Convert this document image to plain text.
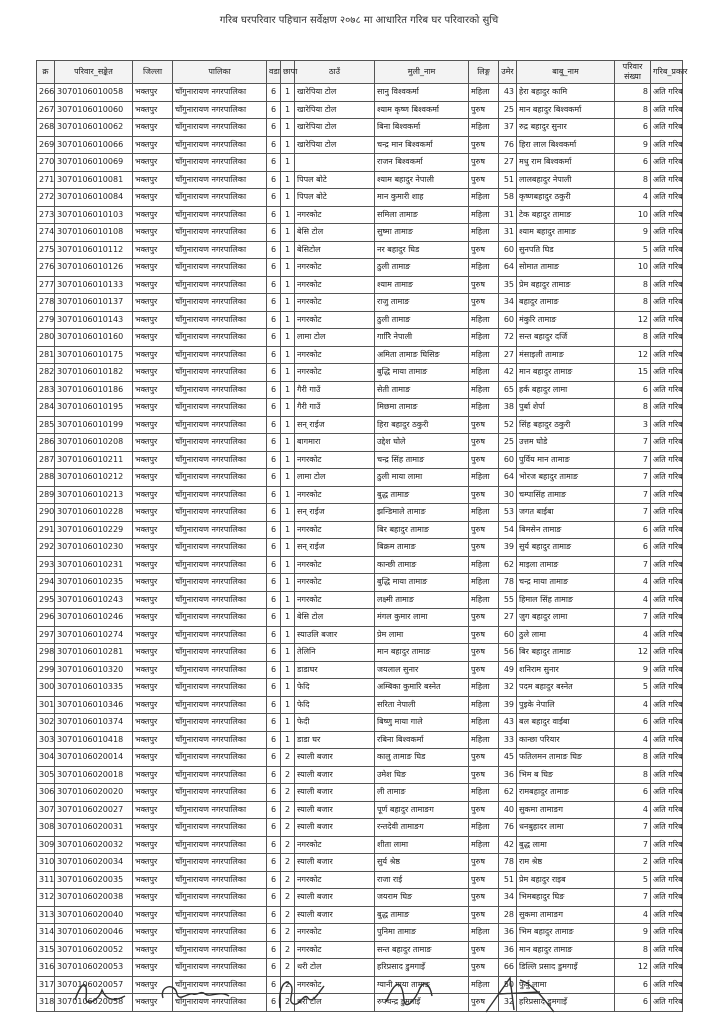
गरिब घरपरिवार पहिचान सर्वेक्षण २०७८ मा आधारित गरिब घर परिवारको सुचि
क्र	परिवार_सङ्केत	जिल्ला	पालिका	वडा	छापा	ठाउँ	मुली_नाम	लिङ्ग	उमेर	बाबु_नाम	परिवार संख्या	गरिब_प्रकार
266	3070106010058	भक्तपुर	चाँगुनारायण नगरपालिका	6	1	खारेपिया टोल	सानु विश्वकर्मा	महिला	43	हेरा बहादुर कामि	8	अति गरिब
267	3070106010060	भक्तपुर	चाँगुनारायण नगरपालिका	6	1	खारेपिया टोल	श्याम कृष्ण बिश्वकर्मा	पुरुष	25	मान बहादुर बिश्वकर्मा	8	अति गरिब
268	3070106010062	भक्तपुर	चाँगुनारायण नगरपालिका	6	1	खारेपिया टोल	बिना बिश्वकर्मा	महिला	37	रुद्र बहादुर सुनार	6	अति गरिब
269	3070106010066	भक्तपुर	चाँगुनारायण नगरपालिका	6	1	खारेपिया टोल	चन्द्र मान बिश्वकर्मा	पुरुष	76	हिरा लाल बिश्वकर्मा	9	अति गरिब
270	3070106010069	भक्तपुर	चाँगुनारायण नगरपालिका	6	1		राजन बिश्वकर्मा	पुरुष	27	मधु राम बिश्वकर्मा	6	अति गरिब
271	3070106010081	भक्तपुर	चाँगुनारायण नगरपालिका	6	1	पिपल बोटे	श्याम बहादुर नेपाली	पुरुष	51	लालबहादुर नेपाली	8	अति गरिब
272	3070106010084	भक्तपुर	चाँगुनारायण नगरपालिका	6	1	पिपल बोटे	मान कुमारी शाह	महिला	58	कृष्णबहादुर ठकुरी	4	अति गरिब
273	3070106010103	भक्तपुर	चाँगुनारायण नगरपालिका	6	1	नगरकोट	समिला तामाङ	महिला	31	टेक बहादुर तामाङ	10	अति गरिब
274	3070106010108	भक्तपुर	चाँगुनारायण नगरपालिका	6	1	बेसि टोल	सुष्मा तामाङ	महिला	31	श्याम बहादुर तामाङ	9	अति गरिब
275	3070106010112	भक्तपुर	चाँगुनारायण नगरपालिका	6	1	बेसिटोल	नर बहादुर घिड	पुरुष	60	सुनपति घिड	5	अति गरिब
276	3070106010126	भक्तपुर	चाँगुनारायण नगरपालिका	6	1	नगरकोट	ठुली तामाङ	महिला	64	सोमात तामाङ	10	अति गरिब
277	3070106010133	भक्तपुर	चाँगुनारायण नगरपालिका	6	1	नगरकोट	श्याम तामाङ	पुरुष	35	प्रेम बहादुर तामाङ	8	अति गरिब
278	3070106010137	भक्तपुर	चाँगुनारायण नगरपालिका	6	1	नगरकोट	राजु तामाङ	पुरुष	34	बहादुर तामाङ	8	अति गरिब
279	3070106010143	भक्तपुर	चाँगुनारायण नगरपालिका	6	1	नगरकोट	ठुली तामाङ	महिला	60	मंकुरि तामाङ	12	अति गरिब
280	3070106010160	भक्तपुर	चाँगुनारायण नगरपालिका	6	1	लामा टोल	गारिि नेपाली	महिला	72	सन्त बहादुर दर्जि	8	अति गरिब
281	3070106010175	भक्तपुर	चाँगुनारायण नगरपालिका	6	1	नगरकोट	अमिता तामाङ घिसिङ	महिला	27	मंसाइली तामाङ	12	अति गरिब
282	3070106010182	भक्तपुर	चाँगुनारायण नगरपालिका	6	1	नगरकोट	बुद्धि माया तामाङ	महिला	42	मान बहादुर तामाङ	15	अति गरिब
283	3070106010186	भक्तपुर	चाँगुनारायण नगरपालिका	6	1	गैरी गाउँ	सेती तामाङ	महिला	65	हर्क बहादुर लामा	6	अति गरिब
284	3070106010195	भक्तपुर	चाँगुनारायण नगरपालिका	6	1	गैरी गाउँ	मिछमा तामाङ	महिला	38	पुर्बा शेर्पा	8	अति गरिब
285	3070106010199	भक्तपुर	चाँगुनारायण नगरपालिका	6	1	सन् राईज	हिरा बहादुर ठकुरी	पुरुष	52	सिंह बहादुर ठकुरी	3	अति गरिब
286	3070106010208	भक्तपुर	चाँगुनारायण नगरपालिका	6	1	बागमारा	उद्देश घोले	पुरुष	25	उत्तम घोडे	7	अति गरिब
287	3070106010211	भक्तपुर	चाँगुनारायण नगरपालिका	6	1	नगरकोट	चन्द्र सिंह तामाङ	पुरुष	60	पुर्विय मान तामाङ	7	अति गरिब
288	3070106010212	भक्तपुर	चाँगुनारायण नगरपालिका	6	1	लामा टोल	ठुली माया लामा	महिला	64	भोरज बहादुर तामाङ	7	अति गरिब
289	3070106010213	भक्तपुर	चाँगुनारायण नगरपालिका	6	1	नगरकोट	बुद्ध तामाङ	पुरुष	30	चम्पासिंह तामाङ	7	अति गरिब
290	3070106010228	भक्तपुर	चाँगुनारायण नगरपालिका	6	1	सन् राईज	झन्डिमाले तामाङ	महिला	53	जगत बाईबा	7	अति गरिब
291	3070106010229	भक्तपुर	चाँगुनारायण नगरपालिका	6	1	नगरकोट	बिर बहादुर तामाङ	पुरुष	54	बिमसेन तामाङ	6	अति गरिब
292	3070106010230	भक्तपुर	चाँगुनारायण नगरपालिका	6	1	सन् राईज	बिक्रम तामाङ	पुरुष	39	सुर्य बहादुर तामाङ	6	अति गरिब
293	3070106010231	भक्तपुर	चाँगुनारायण नगरपालिका	6	1	नगरकोट	कान्छी तामाङ	महिला	62	माइला तामाङ	7	अति गरिब
294	3070106010235	भक्तपुर	चाँगुनारायण नगरपालिका	6	1	नगरकोट	बुद्धि माया तामाङ	महिला	78	चन्द्र माया तामाङ	4	अति गरिब
295	3070106010243	भक्तपुर	चाँगुनारायण नगरपालिका	6	1	नगरकोट	लक्ष्मी तामाङ	महिला	55	हिमाल सिंह तामाङ	4	अति गरिब
296	3070106010246	भक्तपुर	चाँगुनारायण नगरपालिका	6	1	बेसि टोल	मंगल कुमार लामा	पुरुष	27	जुग बहादुर लामा	7	अति गरिब
297	3070106010274	भक्तपुर	चाँगुनारायण नगरपालिका	6	1	स्याउलि बजार	प्रेम लामा	पुरुष	60	ठुले लामा	4	अति गरिब
298	3070106010281	भक्तपुर	चाँगुनारायण नगरपालिका	6	1	तेलिनि	मान बहादुर तामाङ	पुरुष	56	बिर बहादुर तामाङ	12	अति गरिब
299	3070106010320	भक्तपुर	चाँगुनारायण नगरपालिका	6	1	डाडाघर	जयलाल सुनार	पुरुष	49	शनिराम सुनार	9	अति गरिब
300	3070106010335	भक्तपुर	चाँगुनारायण नगरपालिका	6	1	फेदि	अम्बिका कुमारि बस्नेत	महिला	32	पदम बहादुर बस्नेत	5	अति गरिब
301	3070106010346	भक्तपुर	चाँगुनारायण नगरपालिका	6	1	फेदि	सरिता नेपाली	महिला	39	पुइके नेपालि	4	अति गरिब
302	3070106010374	भक्तपुर	चाँगुनारायण नगरपालिका	6	1	फेदी	बिष्णु माया गाले	महिला	43	बल बहादुर वाईबा	6	अति गरिब
303	3070106010418	भक्तपुर	चाँगुनारायण नगरपालिका	6	1	डाडा घर	रबिना बिश्वकर्मा	महिला	33	कान्छा परियार	4	अति गरिब
304	3070106020014	भक्तपुर	चाँगुनारायण नगरपालिका	6	2	स्याली बजार	कालु तामाङ घिड	पुरुष	45	फतिलमन तामाङ घिङ	8	अति गरिब
305	3070106020018	भक्तपुर	चाँगुनारायण नगरपालिका	6	2	स्याली बजार	उमेश घिङ	पुरुष	36	भिम ब घिङ	8	अति गरिब
306	3070106020020	भक्तपुर	चाँगुनारायण नगरपालिका	6	2	स्याली बजार	ली तामाङ	महिला	62	रामबहादुर तामाङ	6	अति गरिब
307	3070106020027	भक्तपुर	चाँगुनारायण नगरपालिका	6	2	स्याली बजार	पूर्ण बहादुर तामाङग	पुरुष	40	सुकमा तामाङग	4	अति गरिब
308	3070106020031	भक्तपुर	चाँगुनारायण नगरपालिका	6	2	स्याली बजार	रन्तदेवी तामाङग	महिला	76	धनबुहादर लामा	7	अति गरिब
309	3070106020032	भक्तपुर	चाँगुनारायण नगरपालिका	6	2	नगरकोट	शीता लामा	महिला	42	बुद्ध लामा	7	अति गरिब
310	3070106020034	भक्तपुर	चाँगुनारायण नगरपालिका	6	2	स्याली बजार	सुर्य श्रेष्ठ	पुरुष	78	राम श्रेष्ठ	2	अति गरिब
311	3070106020035	भक्तपुर	चाँगुनारायण नगरपालिका	6	2	नगरकोट	राजा राई	पुरुष	51	प्रेम बहादुर राइब	5	अति गरिब
312	3070106020038	भक्तपुर	चाँगुनारायण नगरपालिका	6	2	स्याली बजार	जयराम घिङ	पुरुष	34	भिमबहादुर घिङ	7	अति गरिब
313	3070106020040	भक्तपुर	चाँगुनारायण नगरपालिका	6	2	स्याली बजार	बुद्ध तामाङ	पुरुष	28	सुकमा तामाङग	4	अति गरिब
314	3070106020046	भक्तपुर	चाँगुनारायण नगरपालिका	6	2	नगरकोट	पुनिमा तामाङ	महिला	36	भिम बहादुर तामाङ	9	अति गरिब
315	3070106020052	भक्तपुर	चाँगुनारायण नगरपालिका	6	2	नगरकोट	सन्त बहादुर तामाङ	पुरुष	36	मान बहादुर तामाङ	8	अति गरिब
316	3070106020053	भक्तपुर	चाँगुनारायण नगरपालिका	6	2	थरी टोल	हरिप्रसाद डुमगाइँ	पुरुष	66	डिल्लि प्रसाद डुमगाइँ	12	अति गरिब
317	3070106020057	भक्तपुर	चाँगुनारायण नगरपालिका	6	2	नगरकोट	ग्यानी माया तामाङ	महिला	50	फुर्वु लामा	6	अति गरिब
318	3070106020058	भक्तपुर	चाँगुनारायण नगरपालिका	6	2	थरी टोल	रुपचन्द्र डुमगाइँ	पुरुष	32	हरिप्रसाद डुमगाइँ	6	अति गरिब
